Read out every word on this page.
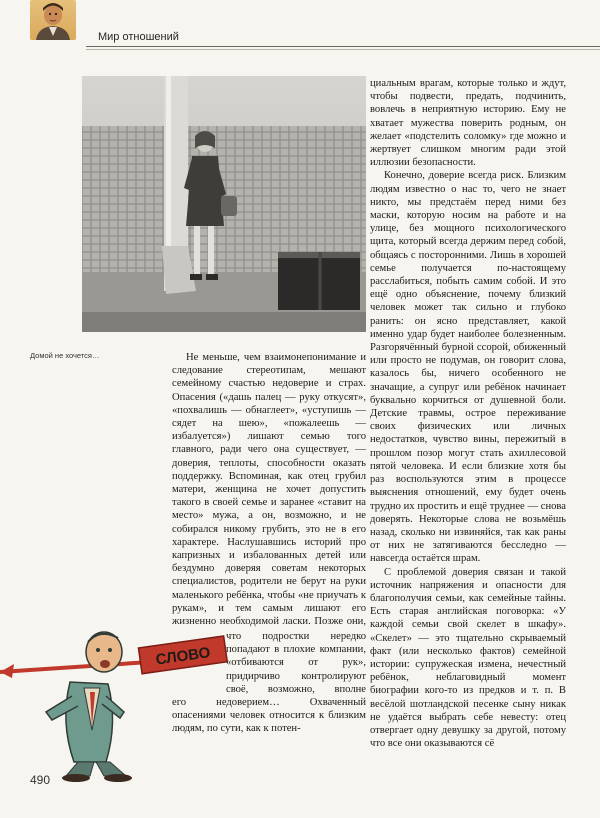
Мир отношений
Домой не хочется…

циальным врагам, которые только и ждут, чтобы подвести, предать, подчинить, вовлечь в неприятную историю. Ему не хватает мужества поверить родным, он желает «подстелить соломку» где можно и жертвует слишком многим ради этой иллюзии безопасности.

Конечно, доверие всегда риск. Близким людям известно о нас то, чего не знает никто, мы предстаём перед ними без маски, которую носим на работе и на улице, без мощного психологического щита, который всегда держим перед собой, общаясь с посторонними. Лишь в хорошей семье получается по-настоящему расслабиться, побыть самим собой. И это ещё одно объяснение, почему близкий человек может так сильно и глубоко ранить: он ясно представляет, какой именно удар будет наиболее болезненным. Разгорячённый бурной ссорой, обиженный или просто не подумав, он говорит слова, казалось бы, ничего особенного не значащие, а супруг или ребёнок начинает буквально корчиться от душевной боли. Детские травмы, острое переживание своих физических или личных недостатков, чувство вины, пережитый в прошлом позор могут стать ахиллесовой пятой человека. И если близкие хотя бы раз воспользуются этим в процессе выяснения отношений, ему будет очень трудно их простить и ещё труднее — снова доверять. Некоторые слова не возьмёшь назад, сколько ни извиняйся, так как раны от них не затягиваются бесследно — навсегда остаётся шрам.

С проблемой доверия связан и такой источник напряжения и опасности для благополучия семьи, как семейные тайны. Есть старая английская поговорка: «У каждой семьи свой скелет в шкафу». «Скелет» — это тщательно скрываемый факт (или несколько фактов) семейной истории: супружеская измена, нечестный ребёнок, неблаговидный момент биографии кого-то из предков и т. п. В весёлой шотландской песенке сыну никак не удаётся выбрать себе невесту: отец отвергает одну девушку за другой, потому что все они оказываются сё

Не меньше, чем взаимонепонимание и следование стереотипам, мешают семейному счастью недоверие и страх. Опасения («дашь палец — руку откусят», «похвалишь — обнаглеет», «уступишь — сядет на шею», «пожалеешь — избалуется») лишают семью того главного, ради чего она существует, — доверия, теплоты, способности оказать поддержку. Вспоминая, как отец грубил матери, женщина не хочет допустить такого в своей семье и заранее «ставит на место» мужа, а он, возможно, и не собирался никому грубить, это не в его характере. Наслушавшись историй про капризных и избалованных детей или бездумно доверяя советам некоторых специалистов, родители не берут на руки маленького ребёнка, чтобы «не приучать к рукам», и тем самым лишают его жизненно необходимой ласки. Позже они,

что подростки нередко попадают в плохие компании, «отбиваются от рук», придирчиво контролируют своё, возможно, вполне

его недоверием… Охваченный опасениями человек относится к близким людям, по сути, как к потен-

СЛОВО
490
